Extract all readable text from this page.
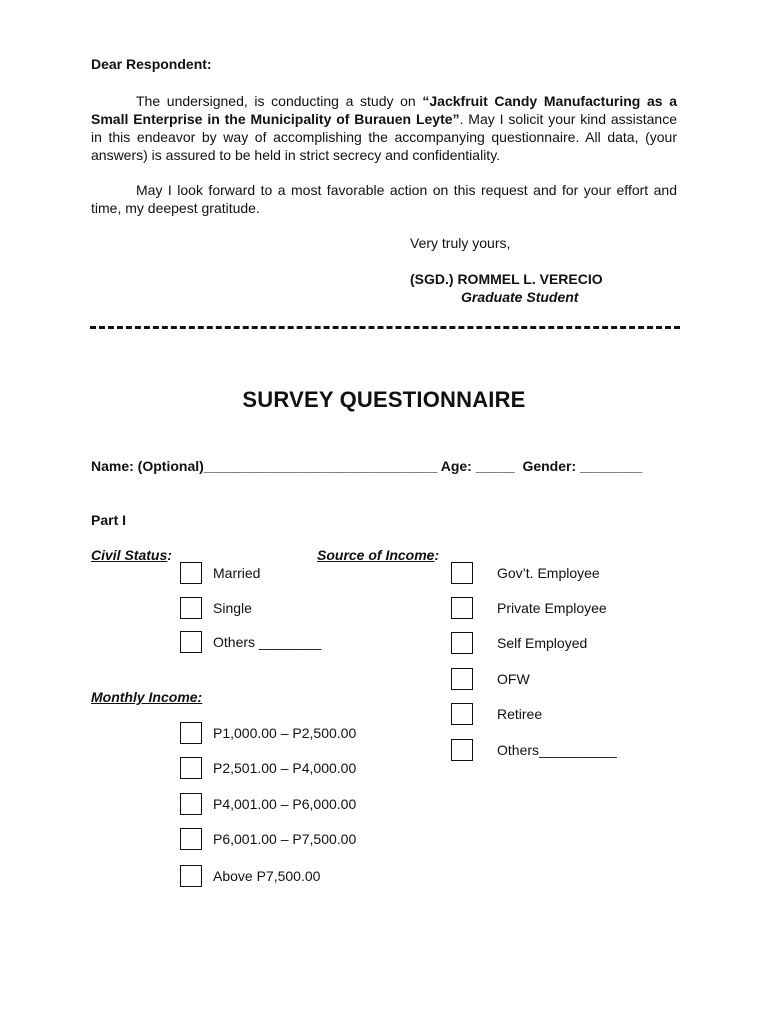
Dear Respondent:
The undersigned, is conducting a study on “Jackfruit Candy Manufacturing as a Small Enterprise in the Municipality of Burauen Leyte”. May I solicit your kind assistance in this endeavor by way of accomplishing the accompanying questionnaire. All data, (your answers) is assured to be held in strict secrecy and confidentiality.
May I look forward to a most favorable action on this request and for your effort and time, my deepest gratitude.
Very truly yours,
(SGD.) ROMMEL L. VERECIO
Graduate Student
SURVEY QUESTIONNAIRE
Name: (Optional)______________________________ Age: _____  Gender: ________
Part I
Civil Status:
Married
Single
Others ________
Source of Income:
Gov’t. Employee
Private Employee
Self Employed
OFW
Retiree
Others__________
Monthly Income:
P1,000.00 – P2,500.00
P2,501.00 – P4,000.00
P4,001.00 – P6,000.00
P6,001.00 – P7,500.00
Above P7,500.00
